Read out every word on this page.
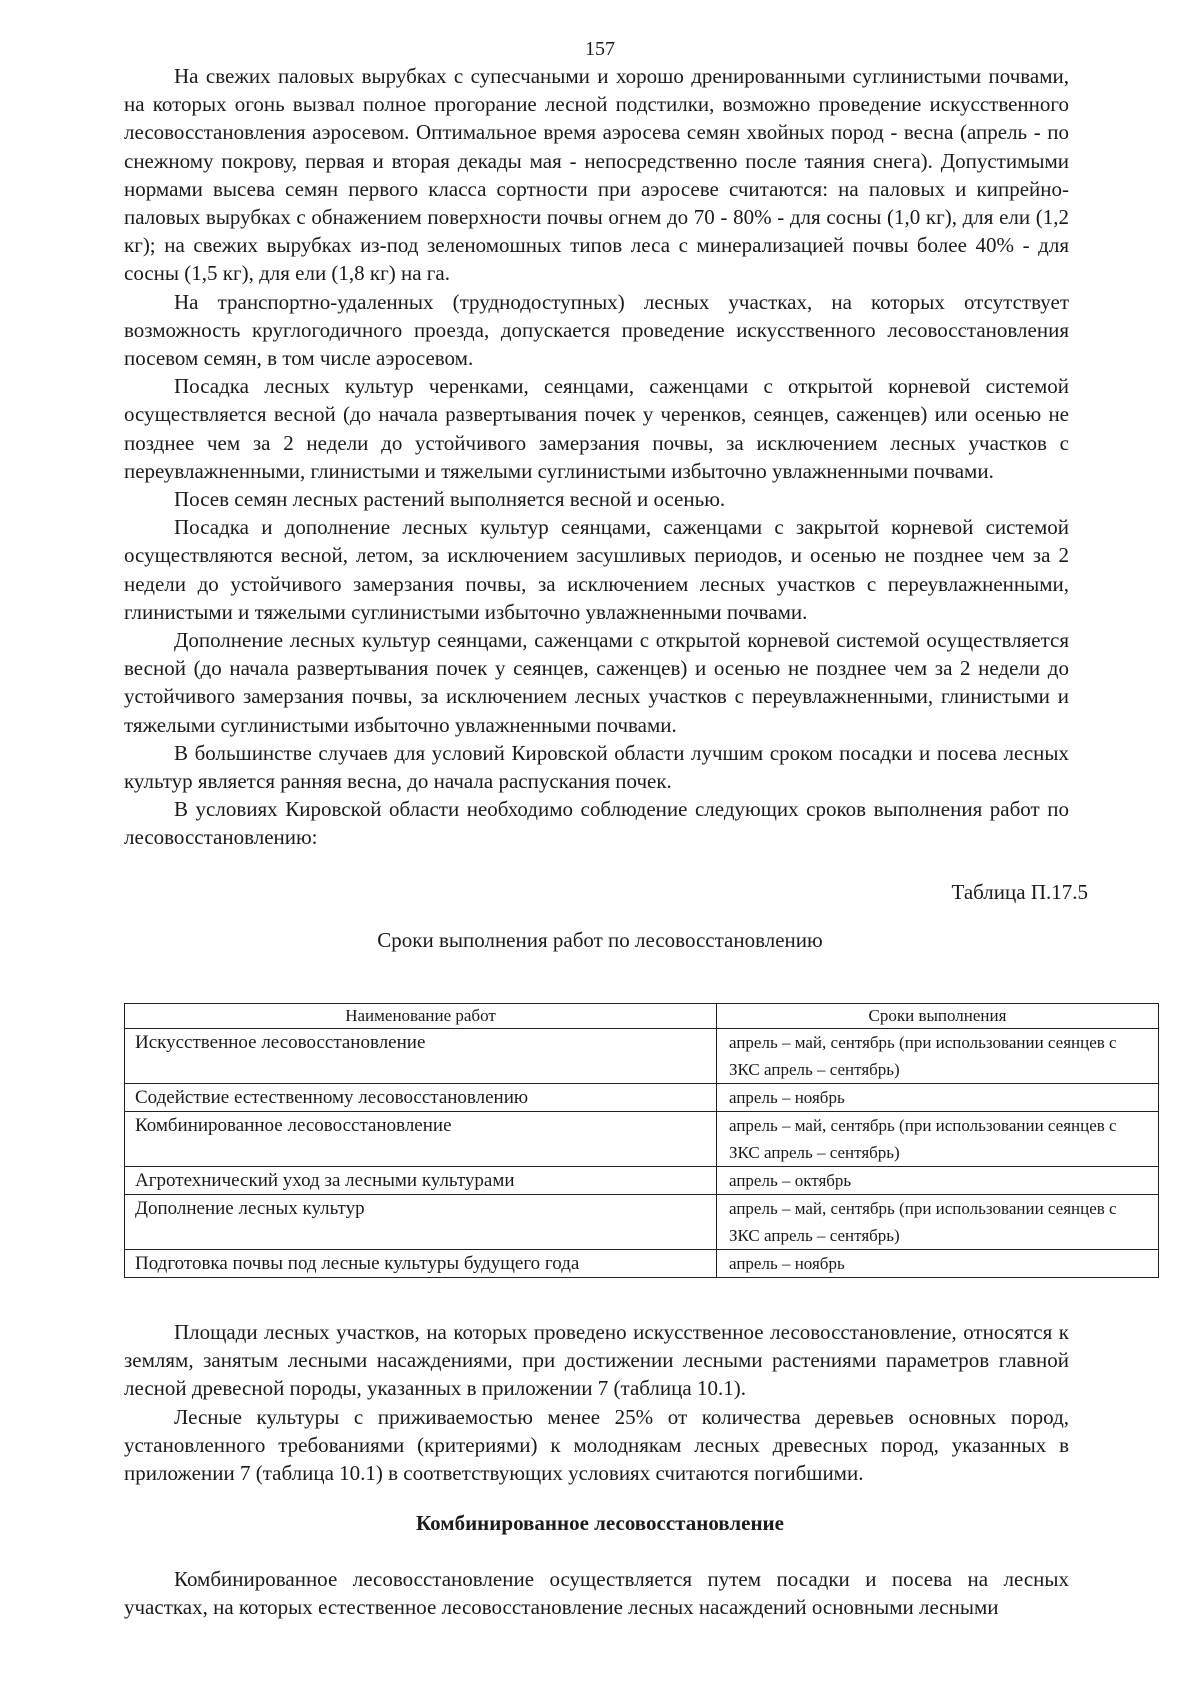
157

На свежих паловых вырубках с супесчаными и хорошо дренированными суглинистыми почвами, на которых огонь вызвал полное прогорание лесной подстилки, возможно проведение искусственного лесовосстановления аэросевом. Оптимальное время аэросева семян хвойных пород - весна (апрель - по снежному покрову, первая и вторая декады мая - непосредственно после таяния снега). Допустимыми нормами высева семян первого класса сортности при аэросеве считаются: на паловых и кипрейно-паловых вырубках с обнажением поверхности почвы огнем до 70 - 80% - для сосны (1,0 кг), для ели (1,2 кг); на свежих вырубках из-под зеленомошных типов леса с минерализацией почвы более 40% - для сосны (1,5 кг), для ели (1,8 кг) на га.

На транспортно-удаленных (труднодоступных) лесных участках, на которых отсутствует возможность круглогодичного проезда, допускается проведение искусственного лесовосстановления посевом семян, в том числе аэросевом.

Посадка лесных культур черенками, сеянцами, саженцами с открытой корневой системой осуществляется весной (до начала развертывания почек у черенков, сеянцев, саженцев) или осенью не позднее чем за 2 недели до устойчивого замерзания почвы, за исключением лесных участков с переувлажненными, глинистыми и тяжелыми суглинистыми избыточно увлажненными почвами.

Посев семян лесных растений выполняется весной и осенью.

Посадка и дополнение лесных культур сеянцами, саженцами с закрытой корневой системой осуществляются весной, летом, за исключением засушливых периодов, и осенью не позднее чем за 2 недели до устойчивого замерзания почвы, за исключением лесных участков с переувлажненными, глинистыми и тяжелыми суглинистыми избыточно увлажненными почвами.

Дополнение лесных культур сеянцами, саженцами с открытой корневой системой осуществляется весной (до начала развертывания почек у сеянцев, саженцев) и осенью не позднее чем за 2 недели до устойчивого замерзания почвы, за исключением лесных участков с переувлажненными, глинистыми и тяжелыми суглинистыми избыточно увлажненными почвами.

В большинстве случаев для условий Кировской области лучшим сроком посадки и посева лесных культур является ранняя весна, до начала распускания почек.

В условиях Кировской области необходимо соблюдение следующих сроков выполнения работ по лесовосстановлению:

Таблица П.17.5
Сроки выполнения работ по лесовосстановлению
Наименование работ	Сроки выполнения
Искусственное лесовосстановление	апрель – май, сентябрь (при использовании сеянцев с ЗКС апрель – сентябрь)
Содействие естественному лесовосстановлению	апрель – ноябрь
Комбинированное лесовосстановление	апрель – май, сентябрь (при использовании сеянцев с ЗКС апрель – сентябрь)
Агротехнический уход за лесными культурами	апрель – октябрь
Дополнение лесных культур	апрель – май, сентябрь (при использовании сеянцев с ЗКС апрель – сентябрь)
Подготовка почвы под лесные культуры будущего года	апрель – ноябрь

Площади лесных участков, на которых проведено искусственное лесовосстановление, относятся к землям, занятым лесными насаждениями, при достижении лесными растениями параметров главной лесной древесной породы, указанных в приложении 7 (таблица 10.1).

Лесные культуры с приживаемостью менее 25% от количества деревьев основных пород, установленного требованиями (критериями) к молоднякам лесных древесных пород, указанных в приложении 7 (таблица 10.1) в соответствующих условиях считаются погибшими.

Комбинированное лесовосстановление

Комбинированное лесовосстановление осуществляется путем посадки и посева на лесных участках, на которых естественное лесовосстановление лесных насаждений основными лесными
